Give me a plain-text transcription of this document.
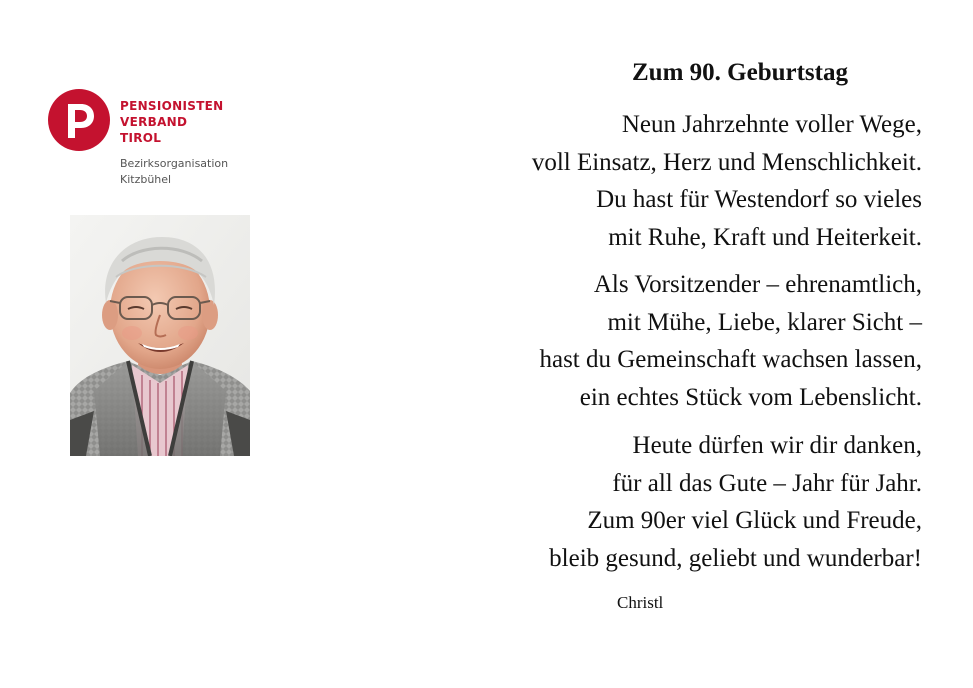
PENSIONISTEN
VERBAND
TIROL
Bezirksorganisation
Kitzbühel
Zum 90. Geburtstag
Neun Jahrzehnte voller Wege,
voll Einsatz, Herz und Menschlichkeit.
Du hast für Westendorf so vieles
mit Ruhe, Kraft und Heiterkeit.
Als Vorsitzender – ehrenamtlich,
mit Mühe, Liebe, klarer Sicht –
hast du Gemeinschaft wachsen lassen,
ein echtes Stück vom Lebenslicht.
Heute dürfen wir dir danken,
für all das Gute – Jahr für Jahr.
Zum 90er viel Glück und Freude,
bleib gesund, geliebt und wunderbar!
Christl
